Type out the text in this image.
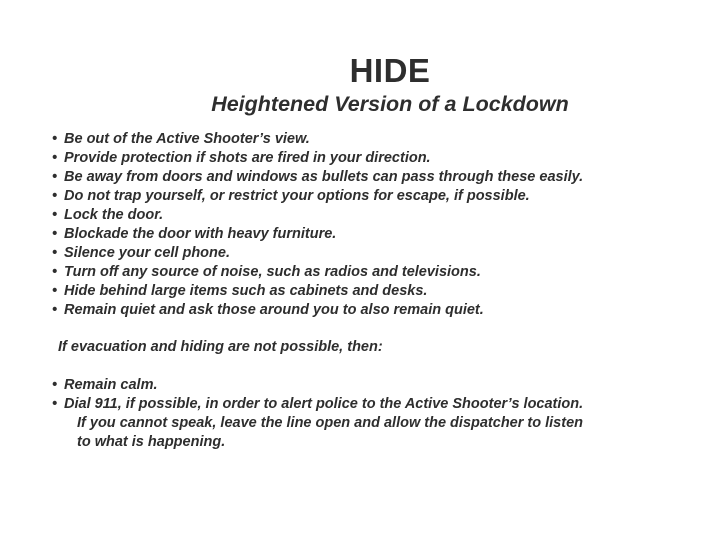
HIDE
Heightened Version of a Lockdown
• Be out of the Active Shooter’s view.
• Provide protection if shots are fired in your direction.
• Be away from doors and windows as bullets can pass through these easily.
• Do not trap yourself, or restrict your options for escape, if possible.
• Lock the door.
• Blockade the door with heavy furniture.
• Silence your cell phone.
• Turn off any source of noise, such as radios and televisions.
• Hide behind large items such as cabinets and desks.
• Remain quiet and ask those around you to also remain quiet.
If evacuation and hiding are not possible, then:
• Remain calm.
• Dial 911, if possible, in order to alert police to the Active Shooter’s location.
If you cannot speak, leave the line open and allow the dispatcher to listen
to what is happening.
